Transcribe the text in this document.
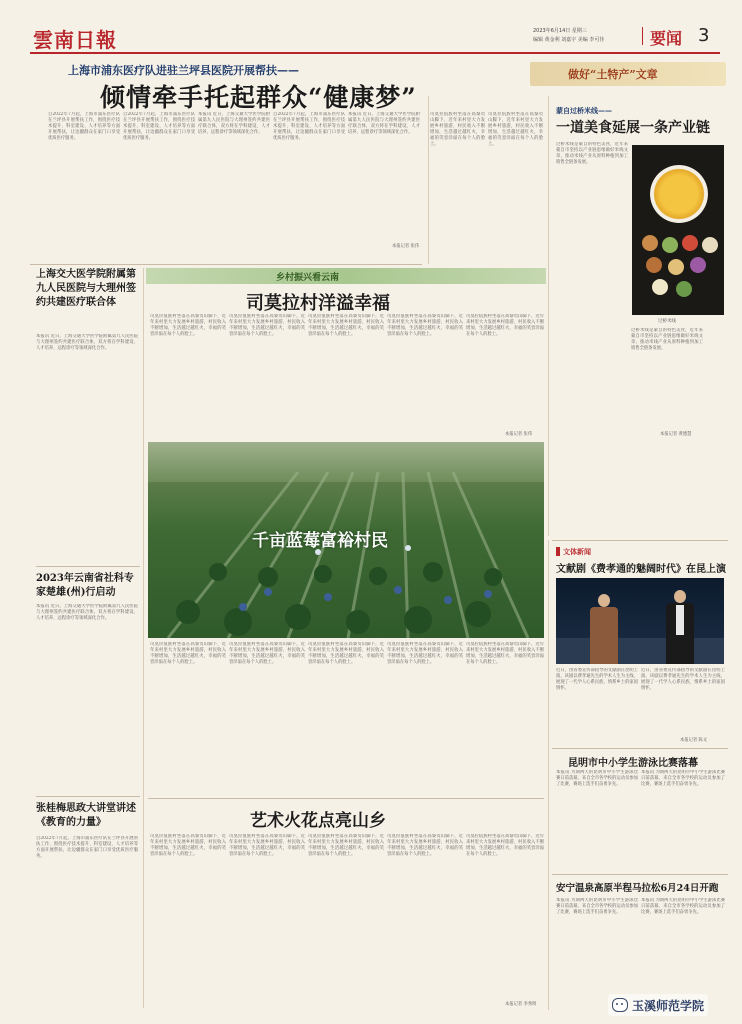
雲南日報	2023年6月14日 星期三
编辑 黄金利 刘嘉宇 美编 李可佳	要闻 3
上海市浦东医疗队进驻兰坪县医院开展帮扶——
倾情牵手托起群众“健康梦”
自2022年7月起，上海市浦东医疗队在兰坪县开展帮扶工作，围绕医疗技术提升、科室建设、人才培养等方面开展帮扶，让边疆群众在家门口享受优质医疗服务。
自2022年7月起，上海市浦东医疗队在兰坪县开展帮扶工作，围绕医疗技术提升、科室建设、人才培养等方面开展帮扶，让边疆群众在家门口享受优质医疗服务。
本报讯 近日，上海交通大学医学院附属第九人民医院与大理州签约共建医疗联合体，双方将在学科建设、人才培养、远程诊疗等领域深化合作。
自2022年7月起，上海市浦东医疗队在兰坪县开展帮扶工作，围绕医疗技术提升、科室建设、人才培养等方面开展帮扶，让边疆群众在家门口享受优质医疗服务。
本报讯 近日，上海交通大学医学院附属第九人民医院与大理州签约共建医疗联合体，双方将在学科建设、人才培养、远程诊疗等领域深化合作。
本报记者 张伟
做好“土特产”文章
蒙自过桥米线——
一道美食延展一条产业链
过桥米线是蒙自的特色美食，近年来蒙自市坚持以产业链思维做好米线文章，推动米线产业从原料种植到加工销售全链条发展。
过桥米线是蒙自的特色美食，近年来蒙自市坚持以产业链思维做好米线文章，推动米线产业从原料种植到加工销售全链条发展。
过桥米线
本报记者 黄德慧
司莫拉佤族村坐落在高黎贡山脚下，近年来村里大力发展乡村旅游，村民收入不断增加，生活越过越红火，幸福的笑容洋溢在每个人的脸上。
司莫拉佤族村坐落在高黎贡山脚下，近年来村里大力发展乡村旅游，村民收入不断增加，生活越过越红火，幸福的笑容洋溢在每个人的脸上。
上海交大医学院附属第九人民医院与大理州签约共建医疗联合体
本报讯 近日，上海交通大学医学院附属第九人民医院与大理州签约共建医疗联合体，双方将在学科建设、人才培养、远程诊疗等领域深化合作。
2023年云南省社科专家楚雄(州)行启动
本报讯 近日，上海交通大学医学院附属第九人民医院与大理州签约共建医疗联合体，双方将在学科建设、人才培养、远程诊疗等领域深化合作。
张桂梅思政大讲堂讲述《教育的力量》
自2022年7月起，上海市浦东医疗队在兰坪县开展帮扶工作，围绕医疗技术提升、科室建设、人才培养等方面开展帮扶，让边疆群众在家门口享受优质医疗服务。
乡村振兴看云南
司莫拉村洋溢幸福
司莫拉佤族村坐落在高黎贡山脚下，近年来村里大力发展乡村旅游，村民收入不断增加，生活越过越红火，幸福的笑容洋溢在每个人的脸上。
司莫拉佤族村坐落在高黎贡山脚下，近年来村里大力发展乡村旅游，村民收入不断增加，生活越过越红火，幸福的笑容洋溢在每个人的脸上。
司莫拉佤族村坐落在高黎贡山脚下，近年来村里大力发展乡村旅游，村民收入不断增加，生活越过越红火，幸福的笑容洋溢在每个人的脸上。
司莫拉佤族村坐落在高黎贡山脚下，近年来村里大力发展乡村旅游，村民收入不断增加，生活越过越红火，幸福的笑容洋溢在每个人的脸上。
司莫拉佤族村坐落在高黎贡山脚下，近年来村里大力发展乡村旅游，村民收入不断增加，生活越过越红火，幸福的笑容洋溢在每个人的脸上。
本报记者 张伟
千亩蓝莓富裕村民
司莫拉佤族村坐落在高黎贡山脚下，近年来村里大力发展乡村旅游，村民收入不断增加，生活越过越红火，幸福的笑容洋溢在每个人的脸上。
司莫拉佤族村坐落在高黎贡山脚下，近年来村里大力发展乡村旅游，村民收入不断增加，生活越过越红火，幸福的笑容洋溢在每个人的脸上。
司莫拉佤族村坐落在高黎贡山脚下，近年来村里大力发展乡村旅游，村民收入不断增加，生活越过越红火，幸福的笑容洋溢在每个人的脸上。
司莫拉佤族村坐落在高黎贡山脚下，近年来村里大力发展乡村旅游，村民收入不断增加，生活越过越红火，幸福的笑容洋溢在每个人的脸上。
司莫拉佤族村坐落在高黎贡山脚下，近年来村里大力发展乡村旅游，村民收入不断增加，生活越过越红火，幸福的笑容洋溢在每个人的脸上。
艺术火花点亮山乡
司莫拉佤族村坐落在高黎贡山脚下，近年来村里大力发展乡村旅游，村民收入不断增加，生活越过越红火，幸福的笑容洋溢在每个人的脸上。
司莫拉佤族村坐落在高黎贡山脚下，近年来村里大力发展乡村旅游，村民收入不断增加，生活越过越红火，幸福的笑容洋溢在每个人的脸上。
司莫拉佤族村坐落在高黎贡山脚下，近年来村里大力发展乡村旅游，村民收入不断增加，生活越过越红火，幸福的笑容洋溢在每个人的脸上。
司莫拉佤族村坐落在高黎贡山脚下，近年来村里大力发展乡村旅游，村民收入不断增加，生活越过越红火，幸福的笑容洋溢在每个人的脸上。
司莫拉佤族村坐落在高黎贡山脚下，近年来村里大力发展乡村旅游，村民收入不断增加，生活越过越红火，幸福的笑容洋溢在每个人的脸上。
本报记者 李秀明
文体新闻
文献剧《费孝通的魅阔时代》在昆上演
近日，由省委宣传部指导的文献剧在昆明上演，该剧以费孝通先生的学术人生为主线，展现了一代学人心系民族、情系乡土的家国情怀。
近日，由省委宣传部指导的文献剧在昆明上演，该剧以费孝通先生的学术人生为主线，展现了一代学人心系民族、情系乡土的家国情怀。
本报记者 陈文
昆明市中小学生游泳比赛落幕
本报讯 为期两天的昆明市中小学生游泳比赛日前落幕，来自全市各学校的运动员参加了比赛，赛场上选手们奋勇争先。
本报讯 为期两天的昆明市中小学生游泳比赛日前落幕，来自全市各学校的运动员参加了比赛，赛场上选手们奋勇争先。
安宁温泉高原半程马拉松6月24日开跑
本报讯 为期两天的昆明市中小学生游泳比赛日前落幕，来自全市各学校的运动员参加了比赛，赛场上选手们奋勇争先。
本报讯 为期两天的昆明市中小学生游泳比赛日前落幕，来自全市各学校的运动员参加了比赛，赛场上选手们奋勇争先。
玉溪师范学院
